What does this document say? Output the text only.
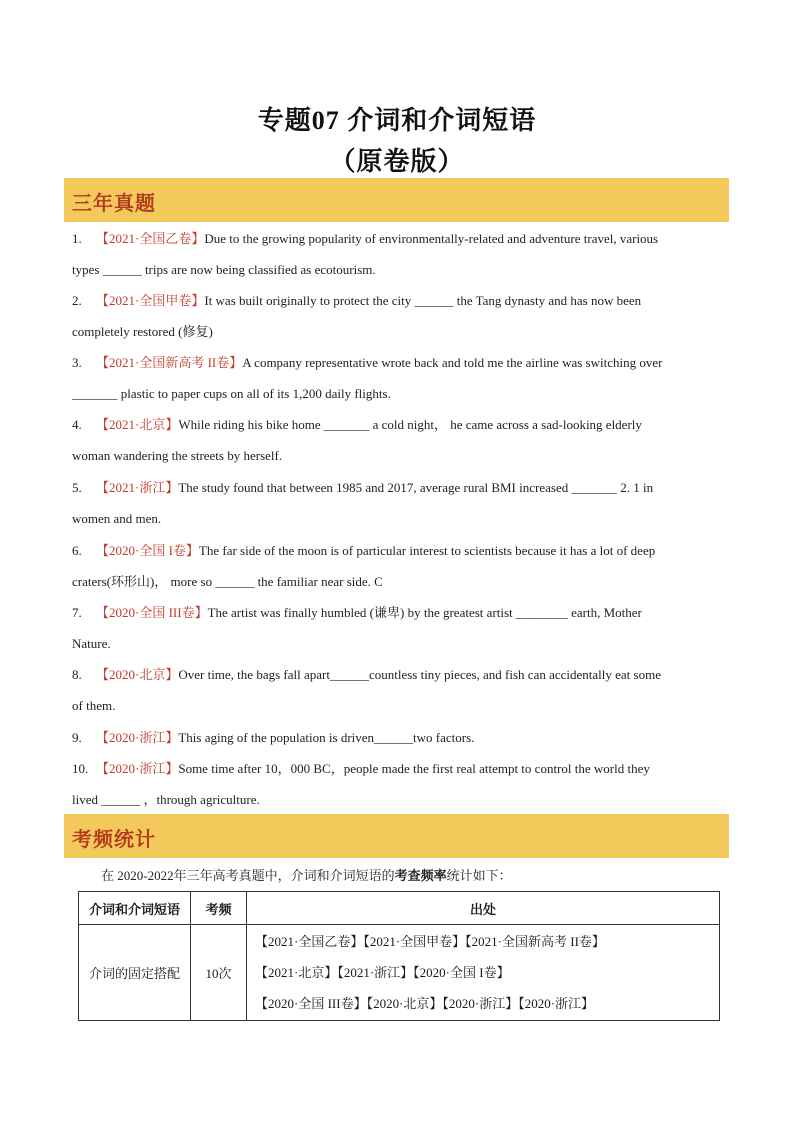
专题07 介词和介词短语
（原卷版）
三年真题
1. 【2021·全国乙卷】Due to the growing popularity of environmentally-related and adventure travel, various
types ______ trips are now being classified as ecotourism.
2. 【2021·全国甲卷】It was built originally to protect the city ______ the Tang dynasty and has now been
completely restored (修复)
3. 【2021·全国新高考 II卷】A company representative wrote back and told me the airline was switching over
_______ plastic to paper cups on all of its 1,200 daily flights.
4. 【2021·北京】While riding his bike home _______ a cold night， he came across a sad-looking elderly
woman wandering the streets by herself.
5. 【2021·浙江】The study found that between 1985 and 2017, average rural BMI increased _______ 2. 1 in
women and men.
6. 【2020·全国 I卷】The far side of the moon is of particular interest to scientists because it has a lot of deep
craters(环形山)， more so ______ the familiar near side. C
7. 【2020·全国 III卷】The artist was finally humbled (谦卑) by the greatest artist ________ earth, Mother
Nature.
8. 【2020·北京】Over time, the bags fall apart______countless tiny pieces, and fish can accidentally eat some
of them.
9. 【2020·浙江】This aging of the population is driven______two factors.
10. 【2020·浙江】Some time after 10，000 BC，people made the first real attempt to control the world they
lived ______ ，through agriculture.
考频统计
在 2020-2022年三年高考真题中，介词和介词短语的考查频率统计如下：
介词和介词短语	考频	出处
介词的固定搭配	10次	【2021·全国乙卷】【2021·全国甲卷】【2021·全国新高考 II卷】
【2021·北京】【2021·浙江】【2020·全国 I卷】
【2020·全国 III卷】【2020·北京】【2020·浙江】【2020·浙江】
